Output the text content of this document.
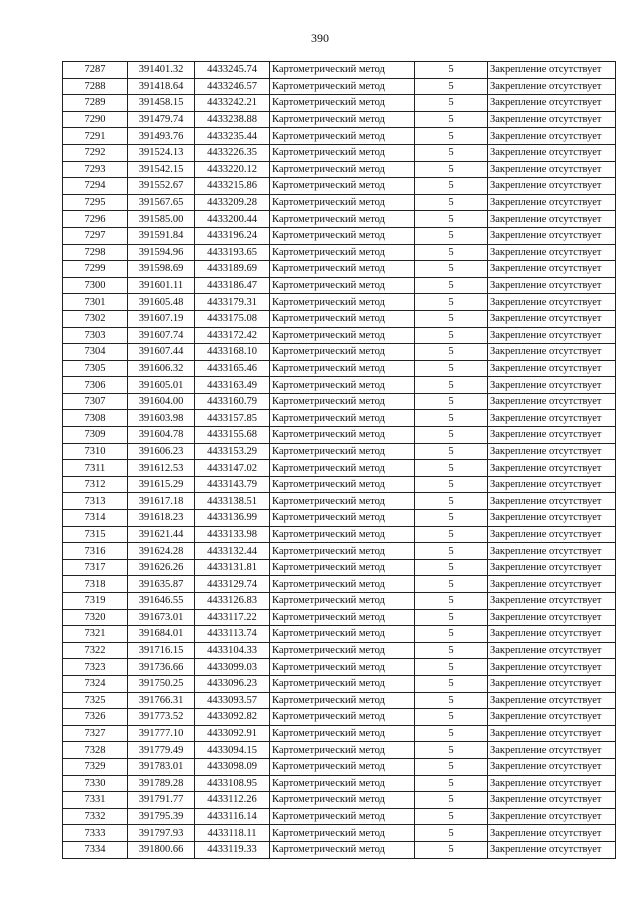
390
7287	391401.32	4433245.74	Картометрический метод	5	Закрепление отсутствует
7288	391418.64	4433246.57	Картометрический метод	5	Закрепление отсутствует
7289	391458.15	4433242.21	Картометрический метод	5	Закрепление отсутствует
7290	391479.74	4433238.88	Картометрический метод	5	Закрепление отсутствует
7291	391493.76	4433235.44	Картометрический метод	5	Закрепление отсутствует
7292	391524.13	4433226.35	Картометрический метод	5	Закрепление отсутствует
7293	391542.15	4433220.12	Картометрический метод	5	Закрепление отсутствует
7294	391552.67	4433215.86	Картометрический метод	5	Закрепление отсутствует
7295	391567.65	4433209.28	Картометрический метод	5	Закрепление отсутствует
7296	391585.00	4433200.44	Картометрический метод	5	Закрепление отсутствует
7297	391591.84	4433196.24	Картометрический метод	5	Закрепление отсутствует
7298	391594.96	4433193.65	Картометрический метод	5	Закрепление отсутствует
7299	391598.69	4433189.69	Картометрический метод	5	Закрепление отсутствует
7300	391601.11	4433186.47	Картометрический метод	5	Закрепление отсутствует
7301	391605.48	4433179.31	Картометрический метод	5	Закрепление отсутствует
7302	391607.19	4433175.08	Картометрический метод	5	Закрепление отсутствует
7303	391607.74	4433172.42	Картометрический метод	5	Закрепление отсутствует
7304	391607.44	4433168.10	Картометрический метод	5	Закрепление отсутствует
7305	391606.32	4433165.46	Картометрический метод	5	Закрепление отсутствует
7306	391605.01	4433163.49	Картометрический метод	5	Закрепление отсутствует
7307	391604.00	4433160.79	Картометрический метод	5	Закрепление отсутствует
7308	391603.98	4433157.85	Картометрический метод	5	Закрепление отсутствует
7309	391604.78	4433155.68	Картометрический метод	5	Закрепление отсутствует
7310	391606.23	4433153.29	Картометрический метод	5	Закрепление отсутствует
7311	391612.53	4433147.02	Картометрический метод	5	Закрепление отсутствует
7312	391615.29	4433143.79	Картометрический метод	5	Закрепление отсутствует
7313	391617.18	4433138.51	Картометрический метод	5	Закрепление отсутствует
7314	391618.23	4433136.99	Картометрический метод	5	Закрепление отсутствует
7315	391621.44	4433133.98	Картометрический метод	5	Закрепление отсутствует
7316	391624.28	4433132.44	Картометрический метод	5	Закрепление отсутствует
7317	391626.26	4433131.81	Картометрический метод	5	Закрепление отсутствует
7318	391635.87	4433129.74	Картометрический метод	5	Закрепление отсутствует
7319	391646.55	4433126.83	Картометрический метод	5	Закрепление отсутствует
7320	391673.01	4433117.22	Картометрический метод	5	Закрепление отсутствует
7321	391684.01	4433113.74	Картометрический метод	5	Закрепление отсутствует
7322	391716.15	4433104.33	Картометрический метод	5	Закрепление отсутствует
7323	391736.66	4433099.03	Картометрический метод	5	Закрепление отсутствует
7324	391750.25	4433096.23	Картометрический метод	5	Закрепление отсутствует
7325	391766.31	4433093.57	Картометрический метод	5	Закрепление отсутствует
7326	391773.52	4433092.82	Картометрический метод	5	Закрепление отсутствует
7327	391777.10	4433092.91	Картометрический метод	5	Закрепление отсутствует
7328	391779.49	4433094.15	Картометрический метод	5	Закрепление отсутствует
7329	391783.01	4433098.09	Картометрический метод	5	Закрепление отсутствует
7330	391789.28	4433108.95	Картометрический метод	5	Закрепление отсутствует
7331	391791.77	4433112.26	Картометрический метод	5	Закрепление отсутствует
7332	391795.39	4433116.14	Картометрический метод	5	Закрепление отсутствует
7333	391797.93	4433118.11	Картометрический метод	5	Закрепление отсутствует
7334	391800.66	4433119.33	Картометрический метод	5	Закрепление отсутствует
